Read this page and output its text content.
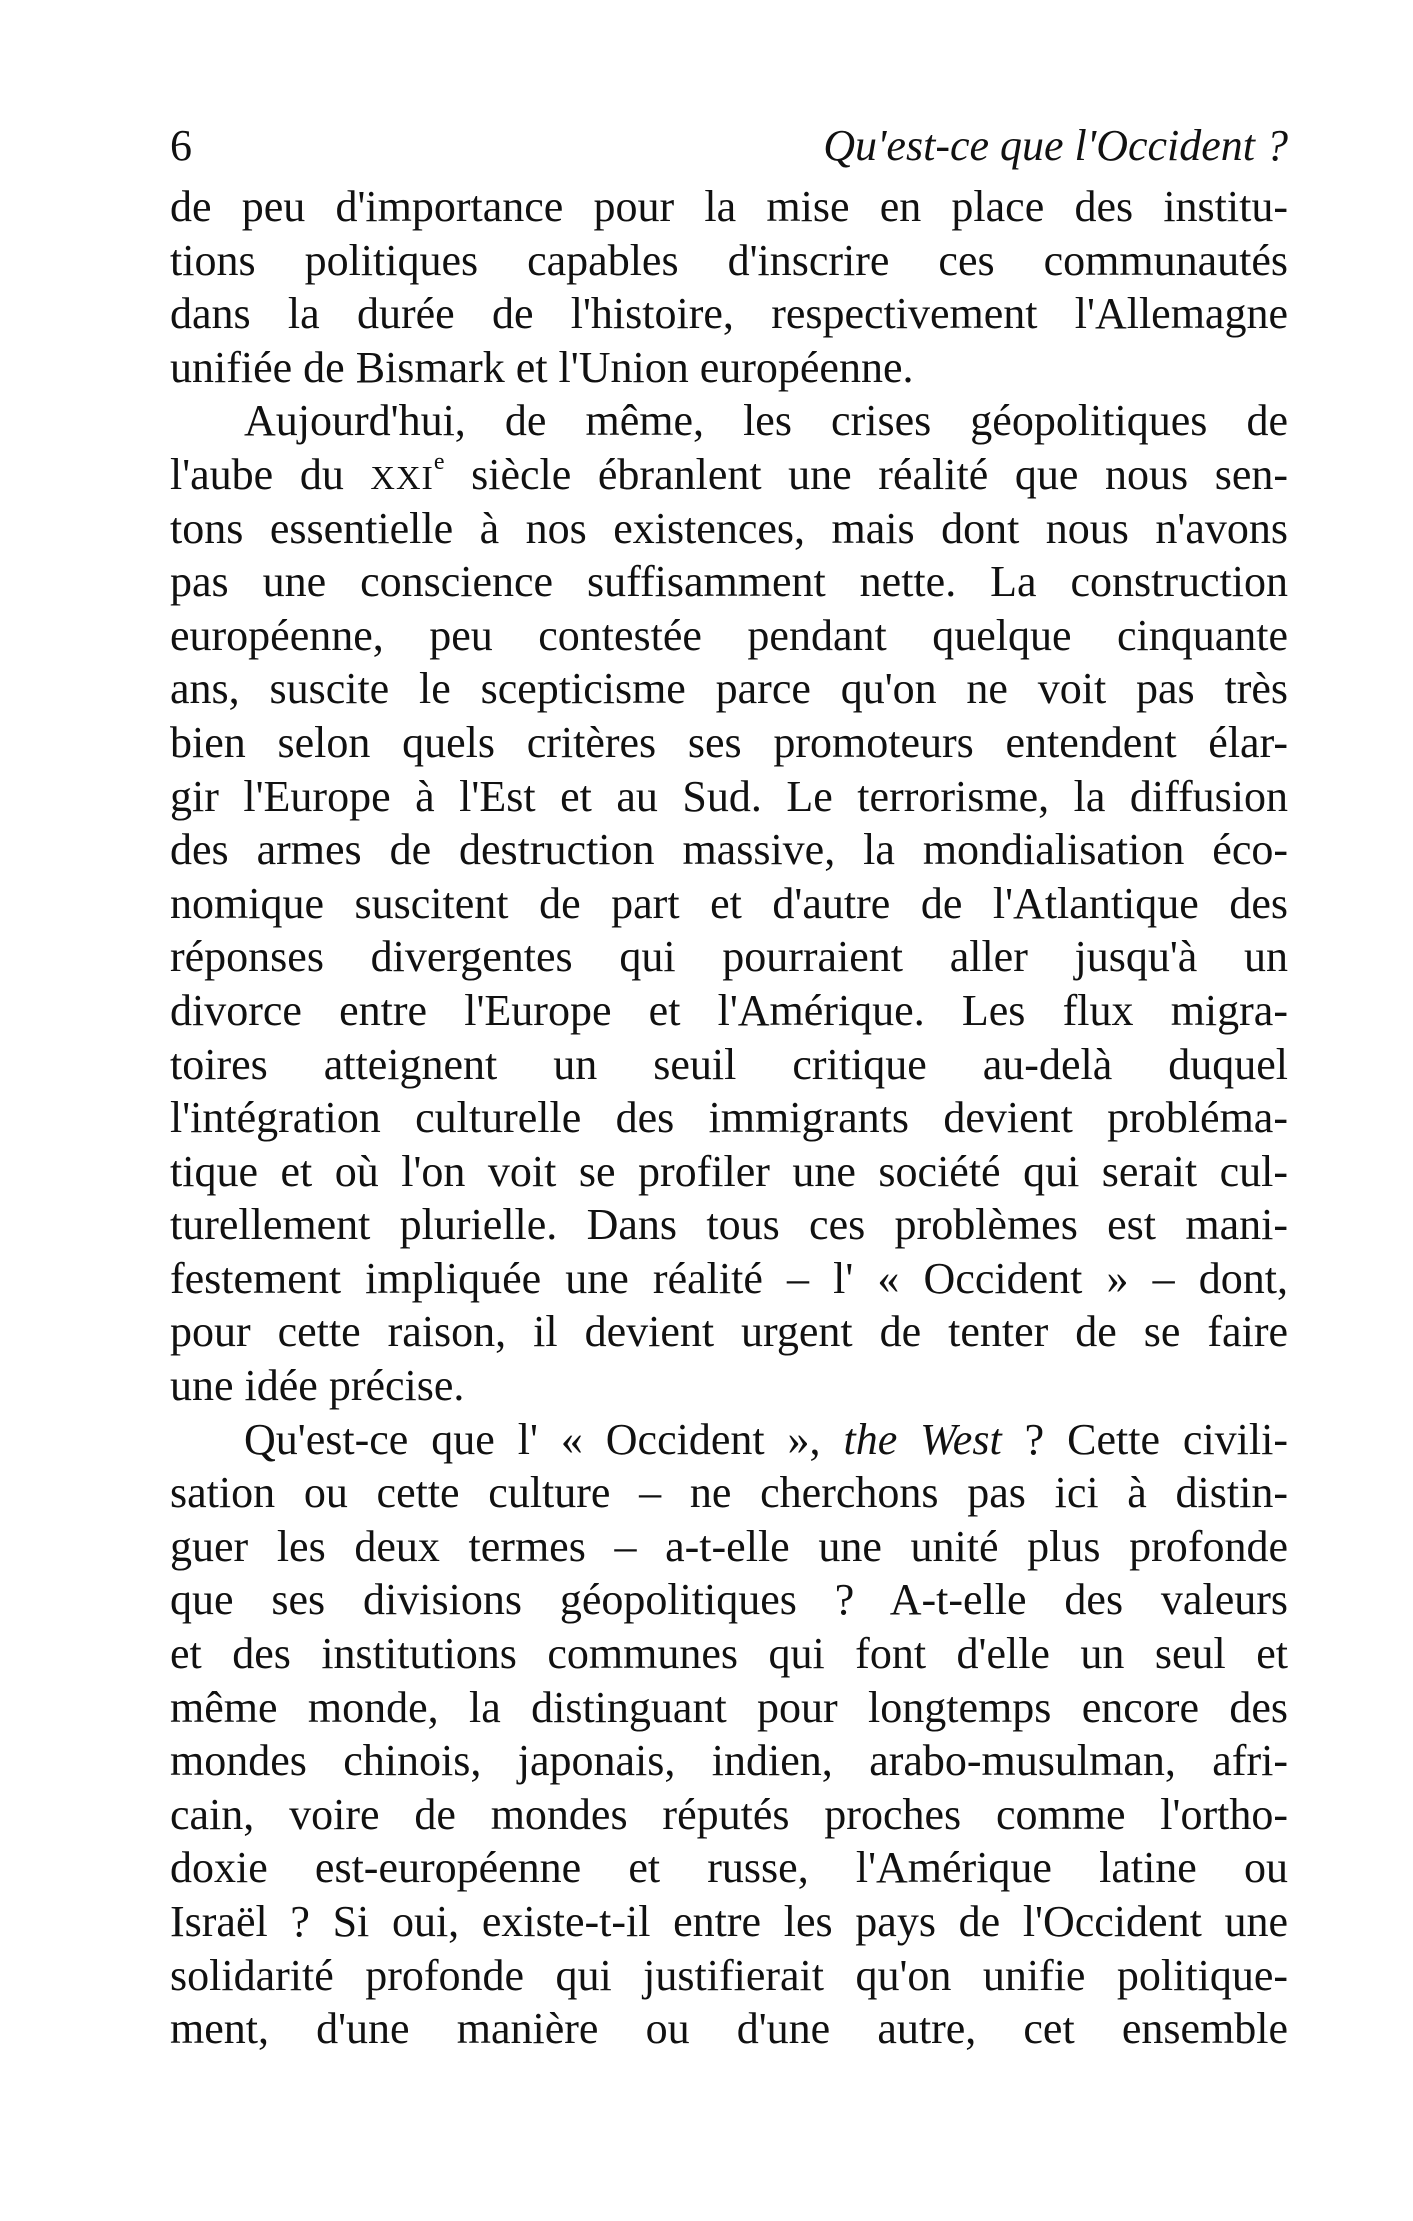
6	Qu'est-ce que l'Occident ?
de peu d'importance pour la mise en place des institu-
tions politiques capables d'inscrire ces communautés
dans la durée de l'histoire, respectivement l'Allemagne
unifiée de Bismark et l'Union européenne.
Aujourd'hui, de même, les crises géopolitiques de
l'aube du XXIe siècle ébranlent une réalité que nous sen-
tons essentielle à nos existences, mais dont nous n'avons
pas une conscience suffisamment nette. La construction
européenne, peu contestée pendant quelque cinquante
ans, suscite le scepticisme parce qu'on ne voit pas très
bien selon quels critères ses promoteurs entendent élar-
gir l'Europe à l'Est et au Sud. Le terrorisme, la diffusion
des armes de destruction massive, la mondialisation éco-
nomique suscitent de part et d'autre de l'Atlantique des
réponses divergentes qui pourraient aller jusqu'à un
divorce entre l'Europe et l'Amérique. Les flux migra-
toires atteignent un seuil critique au-delà duquel
l'intégration culturelle des immigrants devient probléma-
tique et où l'on voit se profiler une société qui serait cul-
turellement plurielle. Dans tous ces problèmes est mani-
festement impliquée une réalité – l' « Occident » – dont,
pour cette raison, il devient urgent de tenter de se faire
une idée précise.
Qu'est-ce que l' « Occident », the West ? Cette civili-
sation ou cette culture – ne cherchons pas ici à distin-
guer les deux termes – a-t-elle une unité plus profonde
que ses divisions géopolitiques ? A-t-elle des valeurs
et des institutions communes qui font d'elle un seul et
même monde, la distinguant pour longtemps encore des
mondes chinois, japonais, indien, arabo-musulman, afri-
cain, voire de mondes réputés proches comme l'ortho-
doxie est-européenne et russe, l'Amérique latine ou
Israël ? Si oui, existe-t-il entre les pays de l'Occident une
solidarité profonde qui justifierait qu'on unifie politique-
ment, d'une manière ou d'une autre, cet ensemble
